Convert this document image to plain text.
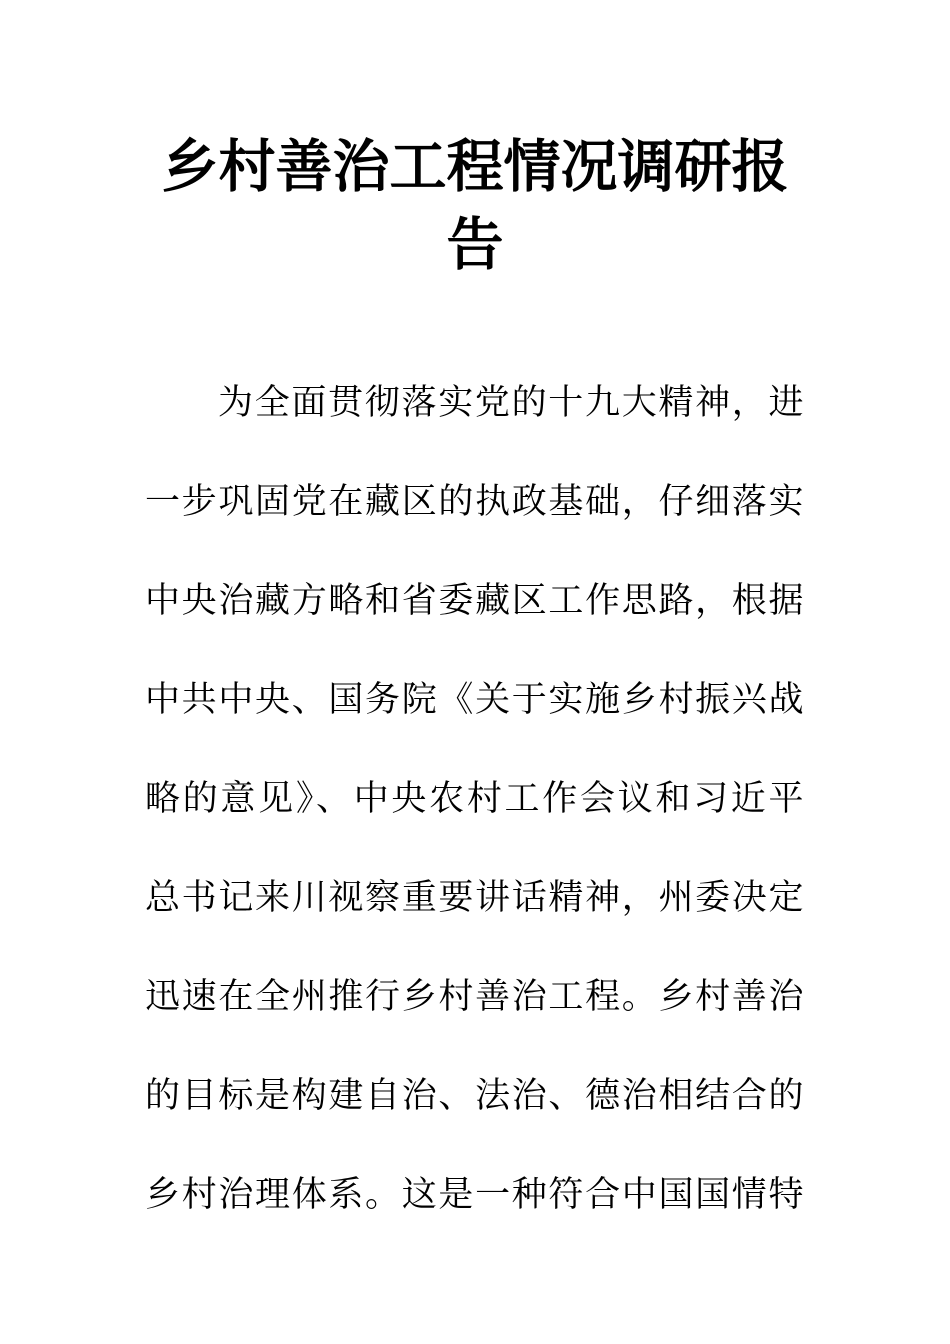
乡村善治工程情况调研报告
为全面贯彻落实党的十九大精神，进
一步巩固党在藏区的执政基础，仔细落实
中央治藏方略和省委藏区工作思路，根据
中共中央、国务院《关于实施乡村振兴战
略的意见》、中央农村工作会议和习近平
总书记来川视察重要讲话精神，州委决定
迅速在全州推行乡村善治工程。乡村善治
的目标是构建自治、法治、德治相结合的
乡村治理体系。这是一种符合中国国情特
